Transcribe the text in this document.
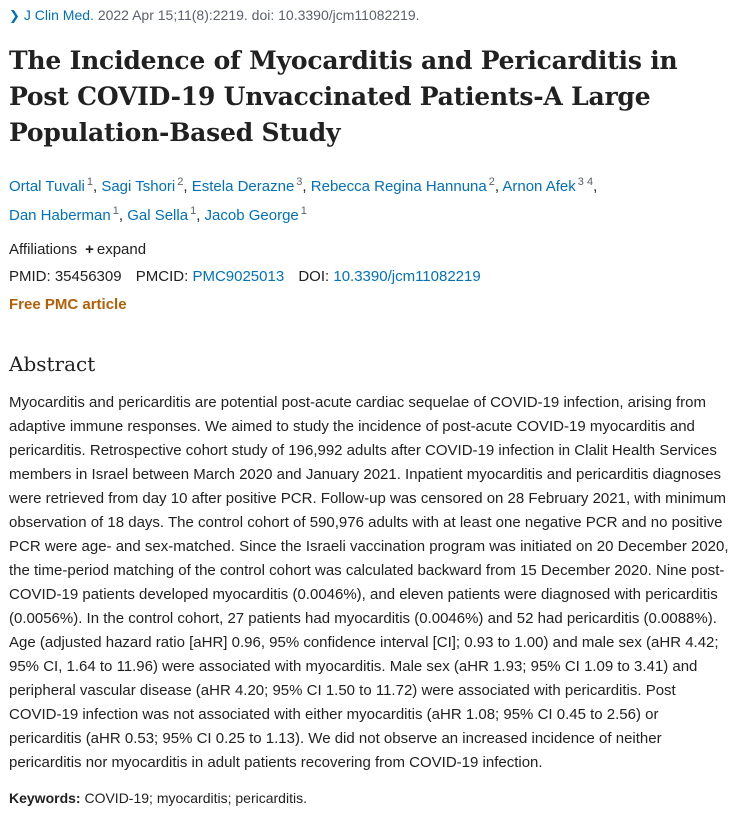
❯ J Clin Med. 2022 Apr 15;11(8):2219. doi: 10.3390/jcm11082219.
The Incidence of Myocarditis and Pericarditis in Post COVID-19 Unvaccinated Patients-A Large Population-Based Study
Ortal Tuvali $^1$, Sagi Tshori $^2$, Estela Derazne $^3$, Rebecca Regina Hannuna $^2$, Arnon Afek $^{3 4}$,
Dan Haberman $^1$, Gal Sella $^1$, Jacob George $^1$
Affiliations + expand
PMID: 35456309 PMCID: PMC9025013 DOI: 10.3390/jcm11082219
Free PMC article
Abstract
Myocarditis and pericarditis are potential post-acute cardiac sequelae of COVID-19 infection, arising from adaptive immune responses. We aimed to study the incidence of post-acute COVID-19 myocarditis and pericarditis. Retrospective cohort study of 196,992 adults after COVID-19 infection in Clalit Health Services members in Israel between March 2020 and January 2021. Inpatient myocarditis and pericarditis diagnoses were retrieved from day 10 after positive PCR. Follow-up was censored on 28 February 2021, with minimum observation of 18 days. The control cohort of 590,976 adults with at least one negative PCR and no positive PCR were age- and sex-matched. Since the Israeli vaccination program was initiated on 20 December 2020, the time-period matching of the control cohort was calculated backward from 15 December 2020. Nine post-COVID-19 patients developed myocarditis (0.0046%), and eleven patients were diagnosed with pericarditis (0.0056%). In the control cohort, 27 patients had myocarditis (0.0046%) and 52 had pericarditis (0.0088%). Age (adjusted hazard ratio [aHR] 0.96, 95% confidence interval [CI]; 0.93 to 1.00) and male sex (aHR 4.42; 95% CI, 1.64 to 11.96) were associated with myocarditis. Male sex (aHR 1.93; 95% CI 1.09 to 3.41) and peripheral vascular disease (aHR 4.20; 95% CI 1.50 to 11.72) were associated with pericarditis. Post COVID-19 infection was not associated with either myocarditis (aHR 1.08; 95% CI 0.45 to 2.56) or pericarditis (aHR 0.53; 95% CI 0.25 to 1.13). We did not observe an increased incidence of neither pericarditis nor myocarditis in adult patients recovering from COVID-19 infection.
Keywords: COVID-19; myocarditis; pericarditis.
